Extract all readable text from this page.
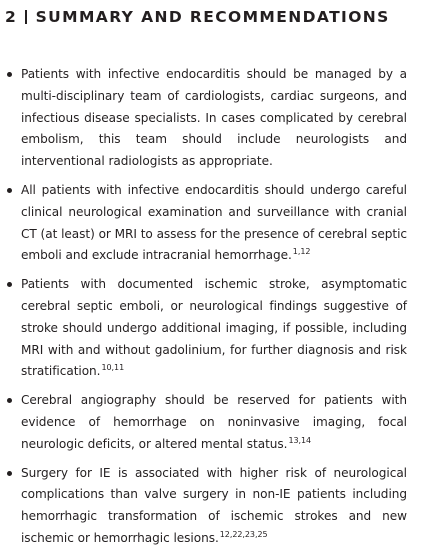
2 SUMMARY AND RECOMMENDATIONS
Patients with infective endocarditis should be managed by a multi-disciplinary team of cardiologists, cardiac surgeons, and infectious disease specialists. In cases complicated by cerebral embolism, this team should include neurologists and interventional radiologists as appropriate.
All patients with infective endocarditis should undergo careful clinical neurological examination and surveillance with cranial CT (at least) or MRI to assess for the presence of cerebral septic emboli and exclude intracranial hemorrhage.$^{1,12}$
Patients with documented ischemic stroke, asymptomatic cerebral septic emboli, or neurological findings suggestive of stroke should undergo additional imaging, if possible, including MRI with and without gadolinium, for further diagnosis and risk stratification.$^{10,11}$
Cerebral angiography should be reserved for patients with evidence of hemorrhage on noninvasive imaging, focal neurologic deficits, or altered mental status.$^{13,14}$
Surgery for IE is associated with higher risk of neurological complications than valve surgery in non-IE patients including hemorrhagic transformation of ischemic strokes and new ischemic or hemorrhagic lesions.$^{12,22,23,25}$
